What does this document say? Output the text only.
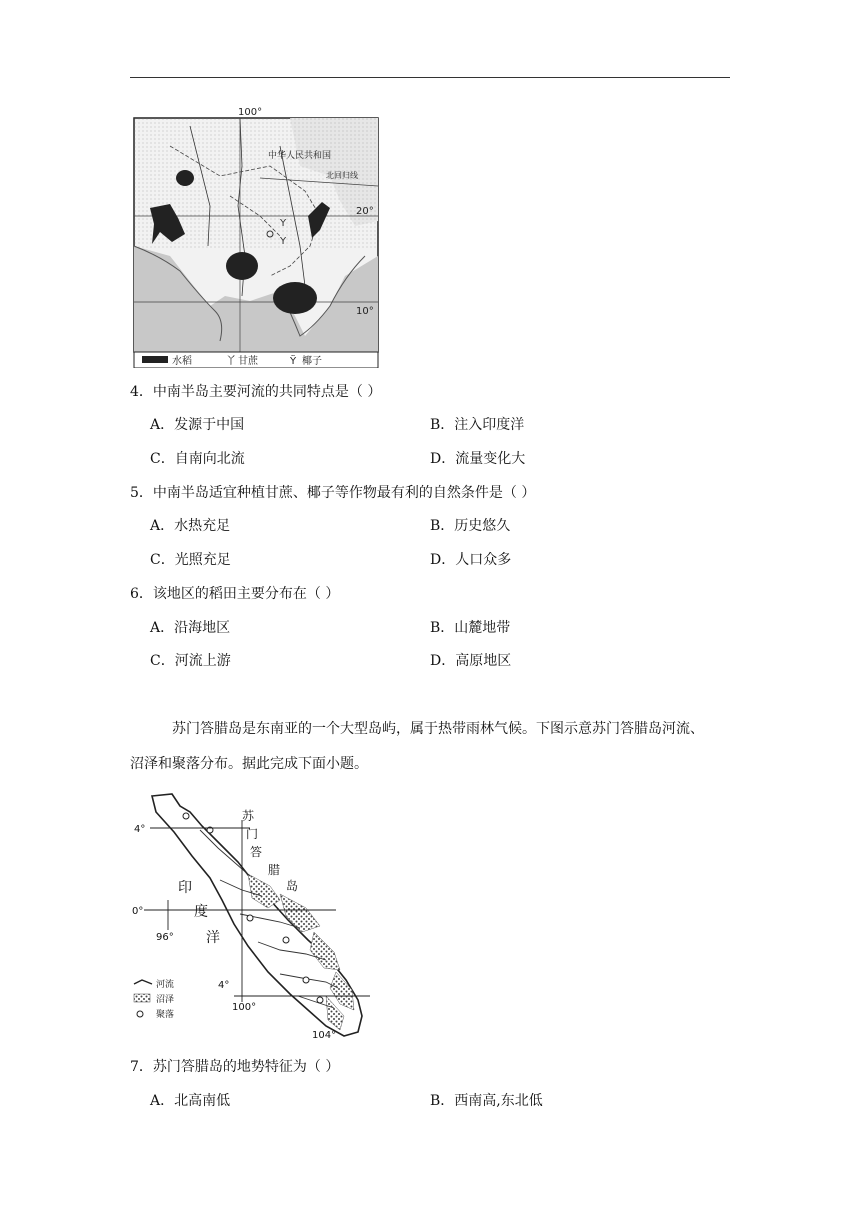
Y
Y
100°
中华人民共和国
北回归线
20°
10°
水稻	丫 甘蔗	Ϋ 椰子
4．中南半岛主要河流的共同特点是（ ）
A．发源于中国	B．注入印度洋
C．自南向北流	D．流量变化大
5．中南半岛适宜种植甘蔗、椰子等作物最有利的自然条件是（ ）
A．水热充足	B．历史悠久
C．光照充足	D．人口众多
6．该地区的稻田主要分布在（ ）
A．沿海地区	B．山麓地带
C．河流上游	D．高原地区
苏门答腊岛是东南亚的一个大型岛屿，属于热带雨林气候。下图示意苏门答腊岛河流、
沼泽和聚落分布。据此完成下面小题。
苏
门
答
腊
岛
印
度
洋
4°
0°
96°
4°
100°
104°
河流
沼泽
聚落
7．苏门答腊岛的地势特征为（ ）
A．北高南低	B．西南高,东北低
